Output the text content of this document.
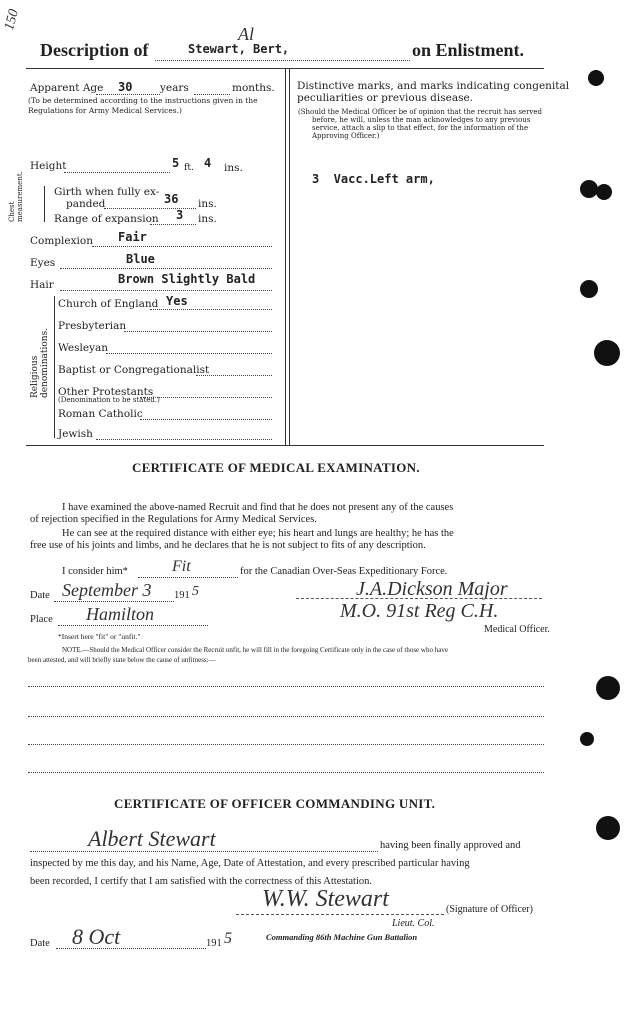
150
Description of	Stewart, Bert,
Al
on Enlistment.
Apparent Age 30	years	months.
(To be determined according to the instructions given in the Regulations for Army Medical Services.)
Height	5 ft. 4 ins.
Chest measurement.	Girth when fully ex-
panded	36 ins.
Range of expansion 3 ins.
Complexion Fair
Eyes	Blue
Hair	Brown Slightly Bald
Religious denominations.
Church of England Yes
Presbyterian
Wesleyan
Baptist or Congregationalist
Other Protestants
(Denomination to be stated.)
Roman Catholic
Jewish
Distinctive marks, and marks indicating congenital
peculiarities or previous disease.
(Should the Medical Officer be of opinion that the recruit has served
before, he will, unless the man acknowledges to any previous
service, attach a slip to that effect, for the information of the
Approving Officer.)
3  Vacc.Left arm,
CERTIFICATE OF MEDICAL EXAMINATION.
I have examined the above-named Recruit and find that he does not present any of the causes
of rejection specified in the Regulations for Army Medical Services.
He can see at the required distance with either eye; his heart and lungs are healthy; he has the
free use of his joints and limbs, and he declares that he is not subject to fits of any description.
I consider him*	Fit	for the Canadian Over-Seas Expeditionary Force.
Date September 3 191 5
Place Hamilton
J.A.Dickson Major
M.O. 91st Reg C.H.
Medical Officer.
*Insert here "fit" or "unfit."
NOTE.—Should the Medical Officer consider the Recruit unfit, he will fill in the foregoing Certificate only in the case of those who have
been attested, and will briefly state below the cause of unfitness:—
CERTIFICATE OF OFFICER COMMANDING UNIT.
Albert Stewart	having been finally approved and
inspected by me this day, and his Name, Age, Date of Attestation, and every prescribed particular having
been recorded, I certify that I am satisfied with the correctness of this Attestation.
W.W. Stewart	(Signature of Officer)
Lieut. Col.
Commanding 86th Machine Gun Battalion
Date 8 Oct	191 5
